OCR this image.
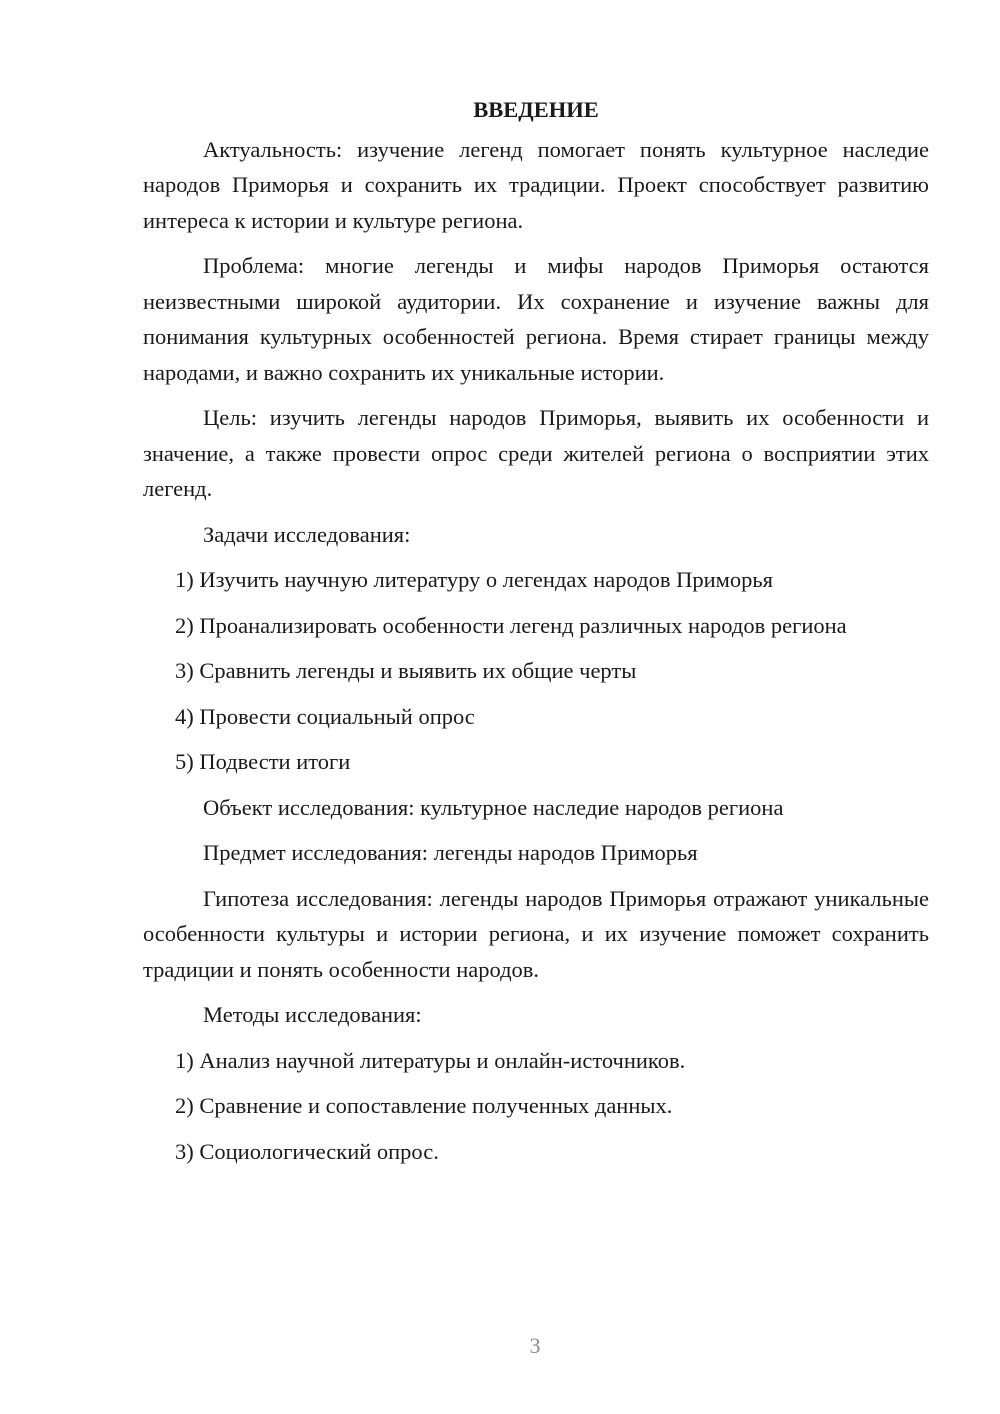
ВВЕДЕНИЕ

Актуальность: изучение легенд помогает понять культурное наследие народов Приморья и сохранить их традиции. Проект способствует развитию интереса к истории и культуре региона.

Проблема: многие легенды и мифы народов Приморья остаются неизвестными широкой аудитории. Их сохранение и изучение важны для понимания культурных особенностей региона. Время стирает границы между народами, и важно сохранить их уникальные истории.

Цель: изучить легенды народов Приморья, выявить их особенности и значение, а также провести опрос среди жителей региона о восприятии этих легенд.

Задачи исследования:
1) Изучить научную литературу о легендах народов Приморья
2) Проанализировать особенности легенд различных народов региона
3) Сравнить легенды и выявить их общие черты
4) Провести социальный опрос
5) Подвести итоги
Объект исследования: культурное наследие народов региона
Предмет исследования: легенды народов Приморья

Гипотеза исследования: легенды народов Приморья отражают уникальные особенности культуры и истории региона, и их изучение поможет сохранить традиции и понять особенности народов.

Методы исследования:
1) Анализ научной литературы и онлайн-источников.
2) Сравнение и сопоставление полученных данных.
3) Социологический опрос.
3
